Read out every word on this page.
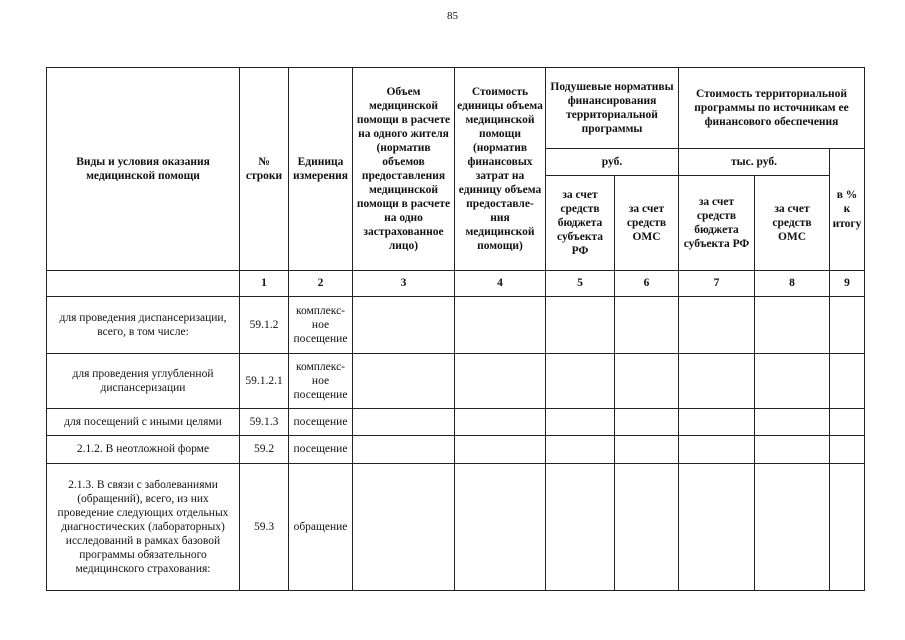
85
Виды и условия оказания медицинской помощи	№ строки	Единица измерения	Объем медицинской помощи в расчете на одного жителя (норматив объемов предоставления медицинской помощи в расчете на одно застрахованное лицо)	Стоимость единицы объема медицинской помощи (норматив финансовых затрат на единицу объема предоставле- ния медицинской помощи)	Подушевые нормативы финансирования территориальной программы		Стоимость территориальной программы по источникам ее финансового обеспечения		
					руб.		тыс. руб.		в % к итогу
					за счет средств бюджета субъекта РФ	за счет средств ОМС	за счет средств бюджета субъекта РФ	за счет средств ОМС	
	1	2	3	4	5	6	7	8	9
для проведения диспансеризации, всего, в том числе:	59.1.2	комплекс- ное посещение							
для проведения углубленной диспансеризации	59.1.2.1	комплекс- ное посещение							
для посещений с иными целями	59.1.3	посещение							
2.1.2. В неотложной форме	59.2	посещение							
2.1.3. В связи с заболеваниями (обращений), всего, из них проведение следующих отдельных диагностических (лабораторных) исследований в рамках базовой программы обязательного медицинского страхования:	59.3	обращение							
